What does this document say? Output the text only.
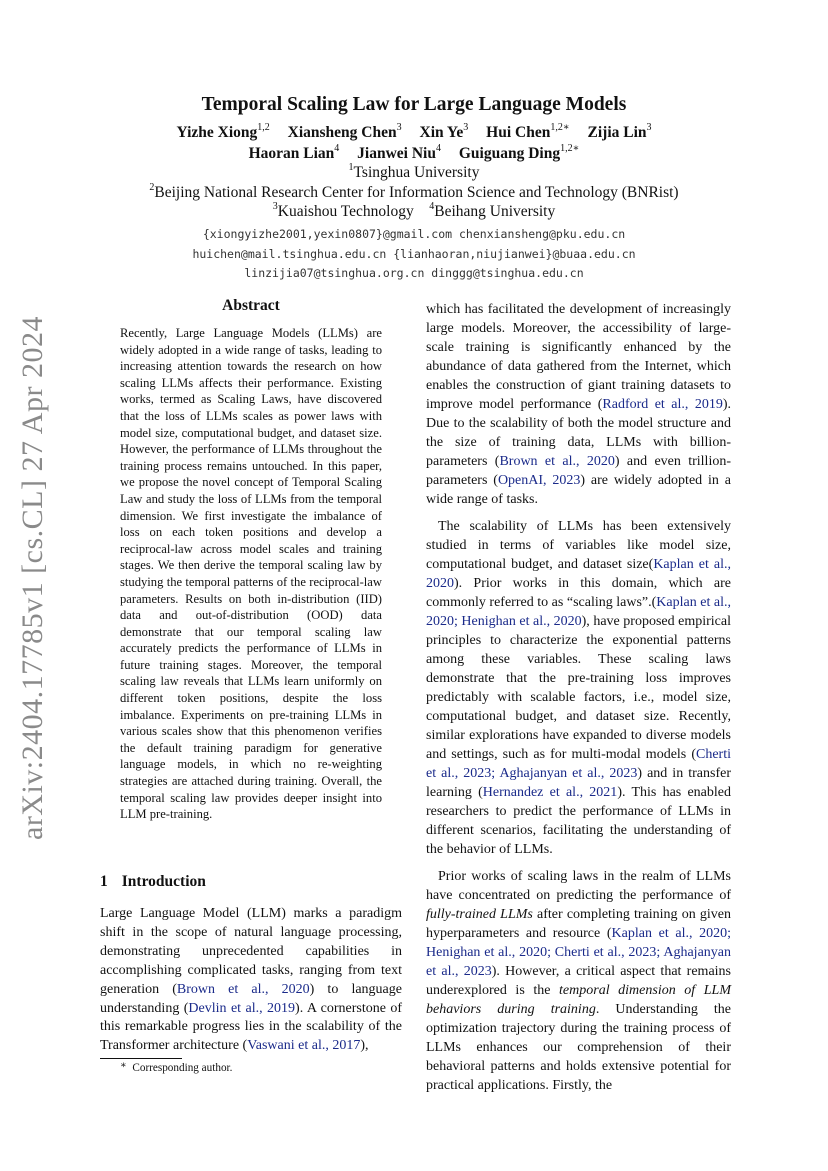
arXiv:2404.17785v1 [cs.CL] 27 Apr 2024
Temporal Scaling Law for Large Language Models
Yizhe Xiong$^{1,2}$ Xiansheng Chen$^3$ Xin Ye$^3$ Hui Chen$^{1,2∗}$ Zijia Lin$^3$
Haoran Lian$^4$ Jianwei Niu$^4$ Guiguang Ding$^{1,2∗}$
$^1$Tsinghua University
$^2$Beijing National Research Center for Information Science and Technology (BNRist)
$^3$Kuaishou Technology $^4$Beihang University
{xiongyizhe2001,yexin0807}@gmail.com chenxiansheng@pku.edu.cn
huichen@mail.tsinghua.edu.cn {lianhaoran,niujianwei}@buaa.edu.cn
linzijia07@tsinghua.org.cn dinggg@tsinghua.edu.cn
Abstract
Recently, Large Language Models (LLMs) are widely adopted in a wide range of tasks, leading to increasing attention towards the research on how scaling LLMs affects their performance. Existing works, termed as Scaling Laws, have discovered that the loss of LLMs scales as power laws with model size, computational budget, and dataset size. However, the performance of LLMs throughout the training process remains untouched. In this paper, we propose the novel concept of Temporal Scaling Law and study the loss of LLMs from the temporal dimension. We first investigate the imbalance of loss on each token positions and develop a reciprocal-law across model scales and training stages. We then derive the temporal scaling law by studying the temporal patterns of the reciprocal-law parameters. Results on both in-distribution (IID) data and out-of-distribution (OOD) data demonstrate that our temporal scaling law accurately predicts the performance of LLMs in future training stages. Moreover, the temporal scaling law reveals that LLMs learn uniformly on different token positions, despite the loss imbalance. Experiments on pre-training LLMs in various scales show that this phenomenon verifies the default training paradigm for generative language models, in which no re-weighting strategies are attached during training. Overall, the temporal scaling law provides deeper insight into LLM pre-training.
1 Introduction
Large Language Model (LLM) marks a paradigm shift in the scope of natural language processing, demonstrating unprecedented capabilities in accomplishing complicated tasks, ranging from text generation (Brown et al., 2020) to language understanding (Devlin et al., 2019). A cornerstone of this remarkable progress lies in the scalability of the Transformer architecture (Vaswani et al., 2017),
∗ Corresponding author.

which has facilitated the development of increasingly large models. Moreover, the accessibility of large-scale training is significantly enhanced by the abundance of data gathered from the Internet, which enables the construction of giant training datasets to improve model performance (Radford et al., 2019). Due to the scalability of both the model structure and the size of training data, LLMs with billion-parameters (Brown et al., 2020) and even trillion-parameters (OpenAI, 2023) are widely adopted in a wide range of tasks.

The scalability of LLMs has been extensively studied in terms of variables like model size, computational budget, and dataset size(Kaplan et al., 2020). Prior works in this domain, which are commonly referred to as “scaling laws”.(Kaplan et al., 2020; Henighan et al., 2020), have proposed empirical principles to characterize the exponential patterns among these variables. These scaling laws demonstrate that the pre-training loss improves predictably with scalable factors, i.e., model size, computational budget, and dataset size. Recently, similar explorations have expanded to diverse models and settings, such as for multi-modal models (Cherti et al., 2023; Aghajanyan et al., 2023) and in transfer learning (Hernandez et al., 2021). This has enabled researchers to predict the performance of LLMs in different scenarios, facilitating the understanding of the behavior of LLMs.

Prior works of scaling laws in the realm of LLMs have concentrated on predicting the performance of fully-trained LLMs after completing training on given hyperparameters and resource (Kaplan et al., 2020; Henighan et al., 2020; Cherti et al., 2023; Aghajanyan et al., 2023). However, a critical aspect that remains underexplored is the temporal dimension of LLM behaviors during training. Understanding the optimization trajectory during the training process of LLMs enhances our comprehension of their behavioral patterns and holds extensive potential for practical applications. Firstly, the
